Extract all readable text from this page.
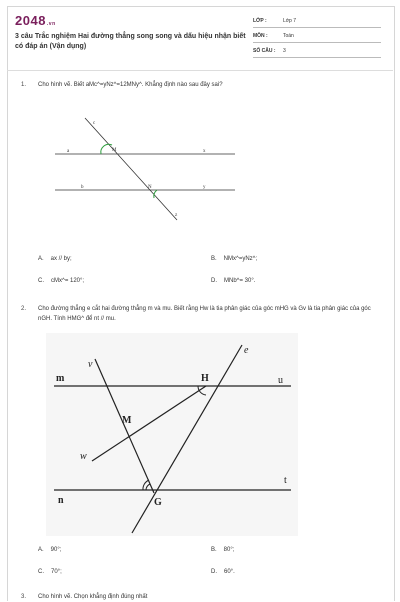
2048.vn
3 câu Trắc nghiệm Hai đường thẳng song song và dấu hiệu nhận biết có đáp án (Vận dụng)
LỚP :	Lớp 7
MÔN :	Toán
SỐ CÂU : 3
1. Cho hình vẽ. Biết aMc^=yNz^=12MNy^. Khẳng định nào sau đây sai?
c
M
a	x
b	N	y
z
A. ax // by;	B. NMx^=yNz^;
C. cMx^= 120°;	D. MNb^= 30°.
2. Cho đường thẳng e cắt hai đường thẳng m và mu. Biết rằng Hw là tia phân giác của góc mHG và Gv là tia phân giác của góc nGH. Tính HMG^ để nt // mu.
e
v
m	H	u
M
w
t
n	G
A. 90°;	B. 80°;
C. 70°;	D. 60°.
3. Cho hình vẽ. Chọn khẳng định đúng nhất
